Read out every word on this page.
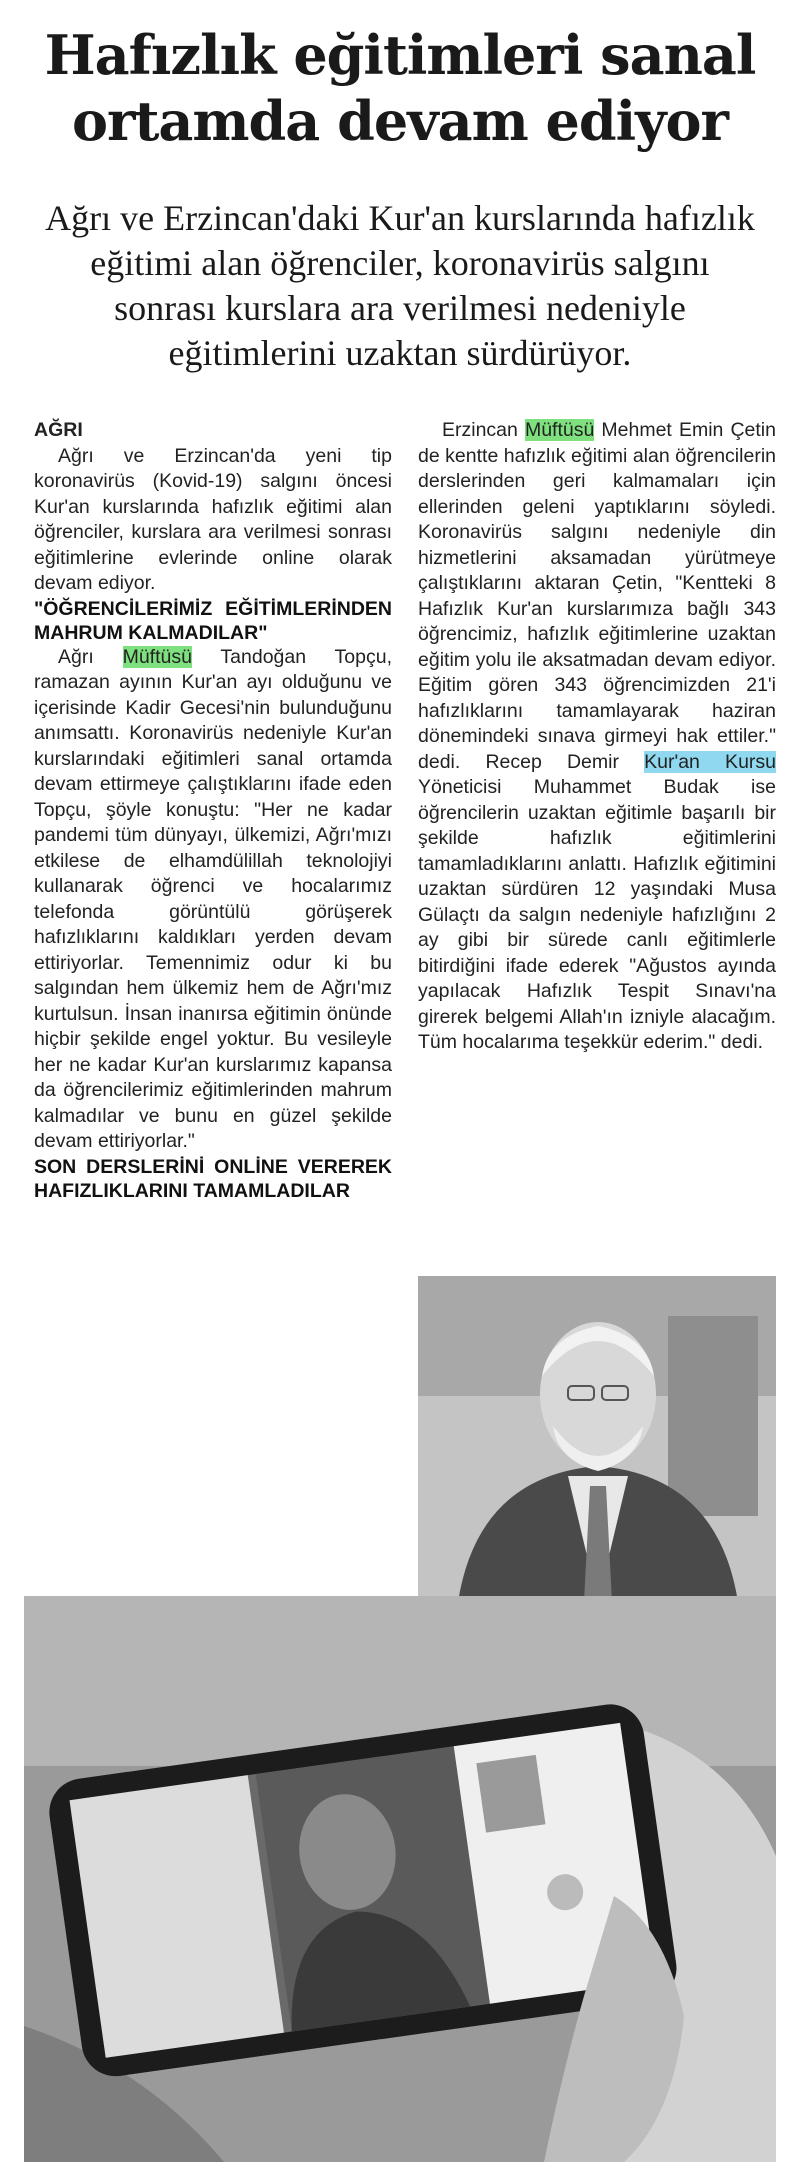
Hafızlık eğitimleri sanal
ortamda devam ediyor
Ağrı ve Erzincan'daki Kur'an kurslarında hafızlık eğitimi alan öğrenciler, koronavirüs salgını sonrası kurslara ara verilmesi nedeniyle eğitimlerini uzaktan sürdürüyor.

AĞRI

Ağrı ve Erzincan'da yeni tip koronavirüs (Kovid-19) salgını öncesi Kur'an kurslarında hafızlık eğitimi alan öğrenciler, kurslara ara verilmesi sonrası eğitimlerine evlerinde online olarak devam ediyor.

"ÖĞRENCİLERİMİZ EĞİTİMLERİNDEN MAHRUM KALMADILAR"

Ağrı Müftüsü Tandoğan Topçu, ramazan ayının Kur'an ayı olduğunu ve içerisinde Kadir Gecesi'nin bulunduğunu anımsattı. Koronavirüs nedeniyle Kur'an kurslarındaki eğitimleri sanal ortamda devam ettirmeye çalıştıklarını ifade eden Topçu, şöyle konuştu: "Her ne kadar pandemi tüm dünyayı, ülkemizi, Ağrı'mızı etkilese de elhamdülillah teknolojiyi kullanarak öğrenci ve hocalarımız telefonda görüntülü görüşerek hafızlıklarını kaldıkları yerden devam ettiriyorlar. Temennimiz odur ki bu salgından hem ülkemiz hem de Ağrı'mız kurtulsun. İnsan inanırsa eğitimin önünde hiçbir şekilde engel yoktur. Bu vesileyle her ne kadar Kur'an kurslarımız kapansa da öğrencilerimiz eğitimlerinden mahrum kalmadılar ve bunu en güzel şekilde devam ettiriyorlar."

SON DERSLERİNİ ONLİNE VEREREK HAFIZLIKLARINI TAMAMLADILAR

Erzincan Müftüsü Mehmet Emin Çetin de kentte hafızlık eğitimi alan öğrencilerin derslerinden geri kalmamaları için ellerinden geleni yaptıklarını söyledi. Koronavirüs salgını nedeniyle din hizmetlerini aksamadan yürütmeye çalıştıklarını aktaran Çetin, "Kentteki 8 Hafızlık Kur'an kurslarımıza bağlı 343 öğrencimiz, hafızlık eğitimlerine uzaktan eğitim yolu ile aksatmadan devam ediyor. Eğitim gören 343 öğrencimizden 21'i hafızlıklarını tamamlayarak haziran dönemindeki sınava girmeyi hak ettiler." dedi. Recep Demir Kur'an Kursu Yöneticisi Muhammet Budak ise öğrencilerin uzaktan eğitimle başarılı bir şekilde hafızlık eğitimlerini tamamladıklarını anlattı. Hafızlık eğitimini uzaktan sürdüren 12 yaşındaki Musa Gülaçtı da salgın nedeniyle hafızlığını 2 ay gibi bir sürede canlı eğitimlerle bitirdiğini ifade ederek "Ağustos ayında yapılacak Hafızlık Tespit Sınavı'na girerek belgemi Allah'ın izniyle alacağım. Tüm hocalarıma teşekkür ederim." dedi.
